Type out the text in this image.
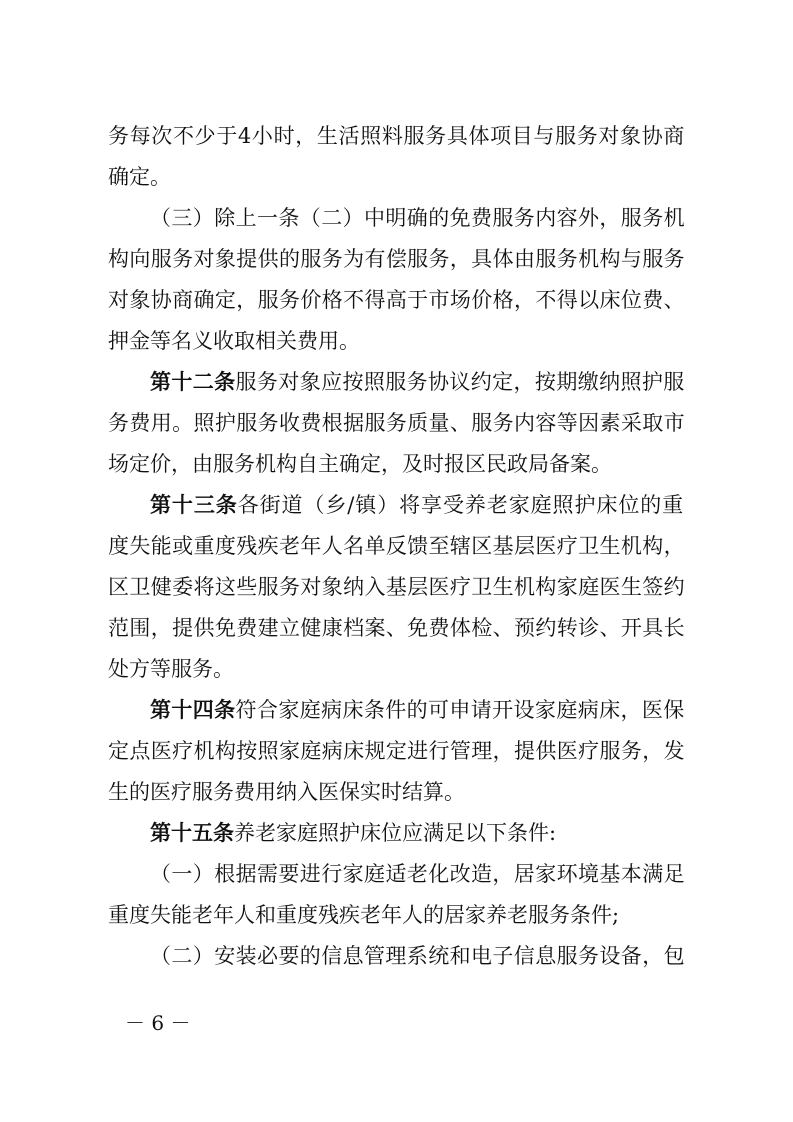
务每次不少于4小时，生活照料服务具体项目与服务对象协商
确定。
（三）除上一条（二）中明确的免费服务内容外，服务机
构向服务对象提供的服务为有偿服务，具体由服务机构与服务
对象协商确定，服务价格不得高于市场价格，不得以床位费、
押金等名义收取相关费用。
第十二条服务对象应按照服务协议约定，按期缴纳照护服
务费用。照护服务收费根据服务质量、服务内容等因素采取市
场定价，由服务机构自主确定，及时报区民政局备案。
第十三条各街道（乡/镇）将享受养老家庭照护床位的重
度失能或重度残疾老年人名单反馈至辖区基层医疗卫生机构，
区卫健委将这些服务对象纳入基层医疗卫生机构家庭医生签约
范围，提供免费建立健康档案、免费体检、预约转诊、开具长
处方等服务。
第十四条符合家庭病床条件的可申请开设家庭病床，医保
定点医疗机构按照家庭病床规定进行管理，提供医疗服务，发
生的医疗服务费用纳入医保实时结算。
第十五条养老家庭照护床位应满足以下条件:
（一）根据需要进行家庭适老化改造，居家环境基本满足
重度失能老年人和重度残疾老年人的居家养老服务条件;
（二）安装必要的信息管理系统和电子信息服务设备，包
－ 6 －
